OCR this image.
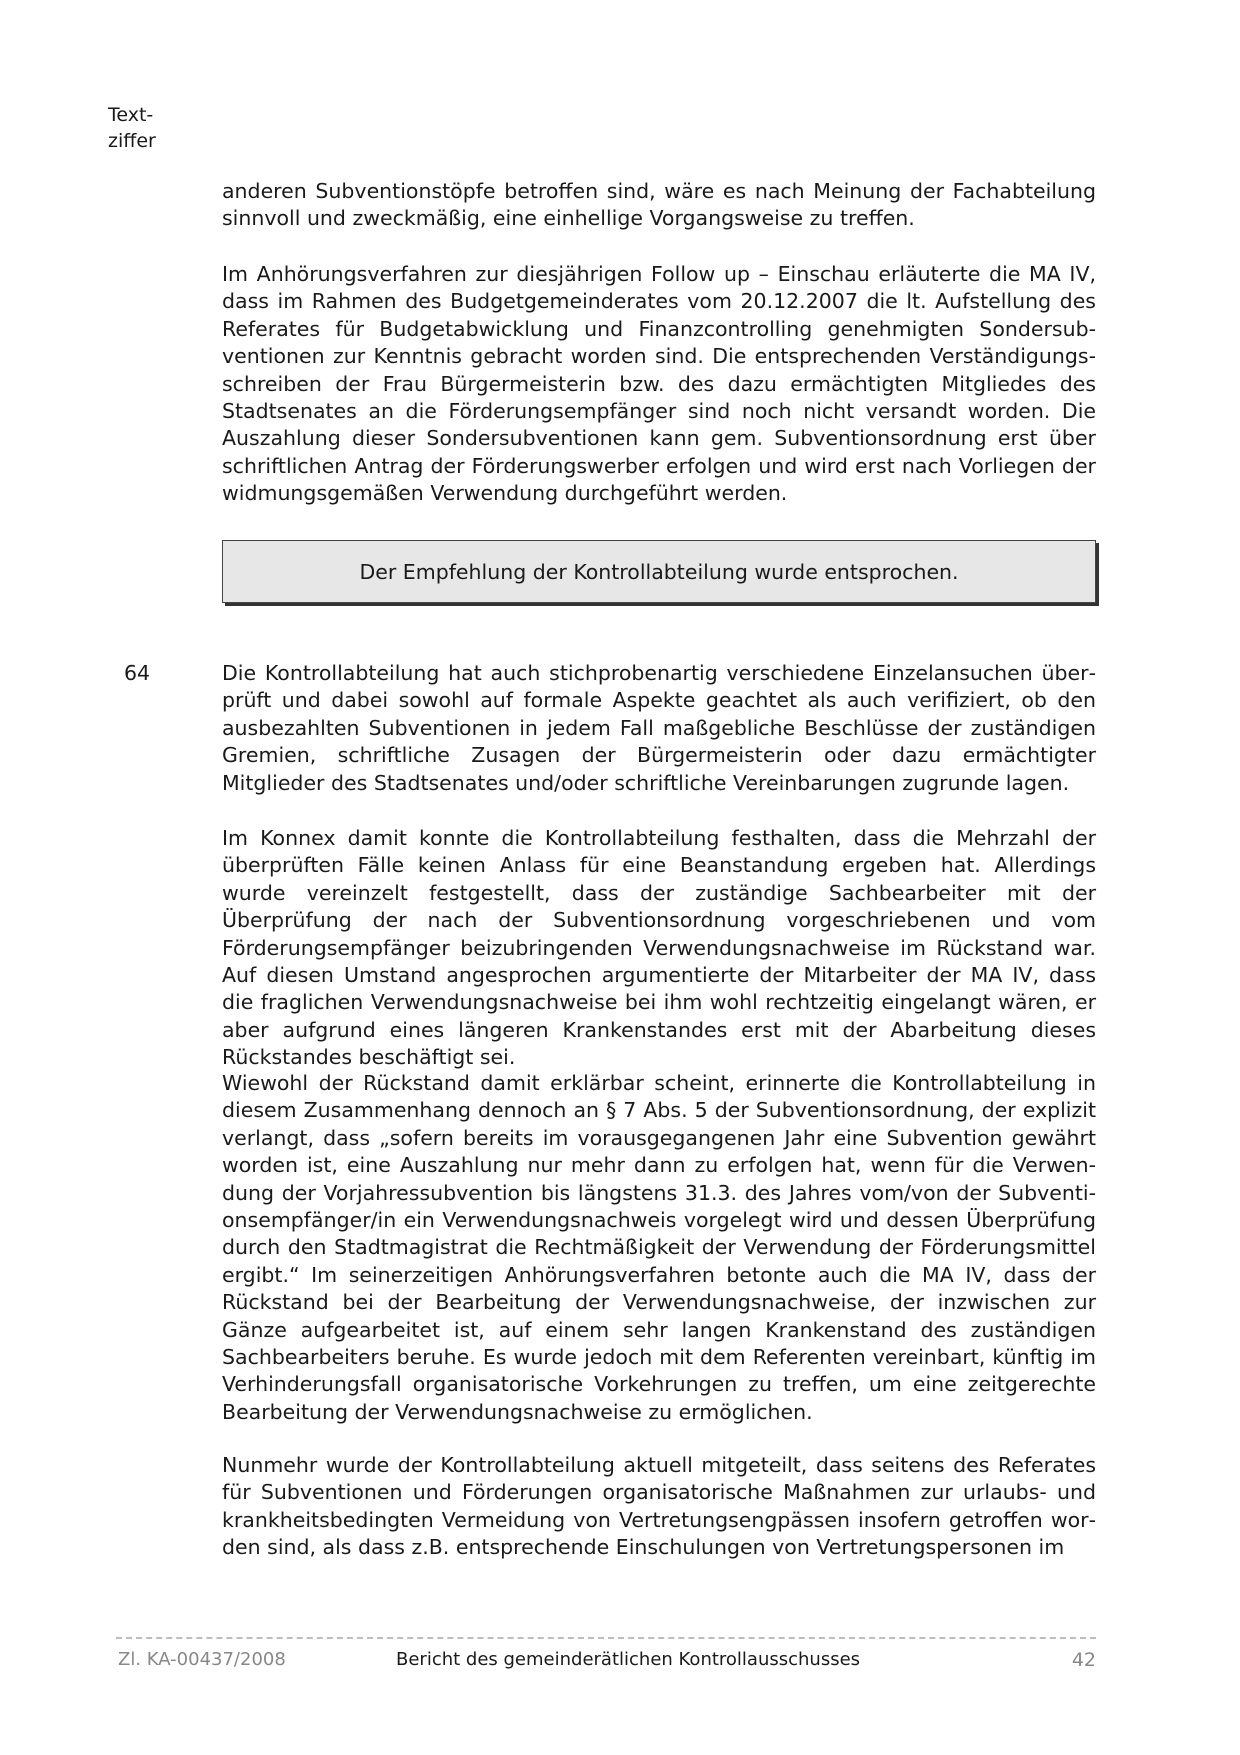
Text-
ziffer

anderen Subventionstöpfe betroffen sind, wäre es nach Meinung der Fachabteilung sinnvoll und zweckmäßig, eine einhellige Vorgangsweise zu treffen.

Im Anhörungsverfahren zur diesjährigen Follow up – Einschau erläuterte die MA IV, dass im Rahmen des Budgetgemeinderates vom 20.12.2007 die lt. Aufstellung des Referates für Budgetabwicklung und Finanzcontrolling genehmigten Sondersubventionen zur Kenntnis gebracht worden sind. Die entsprechenden Verständigungsschreiben der Frau Bürgermeisterin bzw. des dazu ermächtigten Mitgliedes des Stadtsenates an die Förderungsempfänger sind noch nicht versandt worden. Die Auszahlung dieser Sondersubventionen kann gem. Subventionsordnung erst über schriftlichen Antrag der Förderungswerber erfolgen und wird erst nach Vorliegen der widmungsgemäßen Verwendung durchgeführt werden.

Der Empfehlung der Kontrollabteilung wurde entsprochen.
64	Die Kontrollabteilung hat auch stichprobenartig verschiedene Einzelansuchen überprüft und dabei sowohl auf formale Aspekte geachtet als auch verifiziert, ob den ausbezahlten Subventionen in jedem Fall maßgebliche Beschlüsse der zuständigen Gremien, schriftliche Zusagen der Bürgermeisterin oder dazu ermächtigter Mitglieder des Stadtsenates und/oder schriftliche Vereinbarungen zugrunde lagen.

Im Konnex damit konnte die Kontrollabteilung festhalten, dass die Mehrzahl der überprüften Fälle keinen Anlass für eine Beanstandung ergeben hat. Allerdings wurde vereinzelt festgestellt, dass der zuständige Sachbearbeiter mit der Überprüfung der nach der Subventionsordnung vorgeschriebenen und vom Förderungsempfänger beizubringenden Verwendungsnachweise im Rückstand war. Auf diesen Umstand angesprochen argumentierte der Mitarbeiter der MA IV, dass die fraglichen Verwendungsnachweise bei ihm wohl rechtzeitig eingelangt wären, er aber aufgrund eines längeren Krankenstandes erst mit der Abarbeitung dieses Rückstandes beschäftigt sei.

Wiewohl der Rückstand damit erklärbar scheint, erinnerte die Kontrollabteilung in diesem Zusammenhang dennoch an § 7 Abs. 5 der Subventionsordnung, der explizit verlangt, dass „sofern bereits im vorausgegangenen Jahr eine Subvention gewährt worden ist, eine Auszahlung nur mehr dann zu erfolgen hat, wenn für die Verwendung der Vorjahressubvention bis längstens 31.3. des Jahres vom/von der Subventionsempfänger/in ein Verwendungsnachweis vorgelegt wird und dessen Überprüfung durch den Stadtmagistrat die Rechtmäßigkeit der Verwendung der Förderungsmittel ergibt.“ Im seinerzeitigen Anhörungsverfahren betonte auch die MA IV, dass der Rückstand bei der Bearbeitung der Verwendungsnachweise, der inzwischen zur Gänze aufgearbeitet ist, auf einem sehr langen Krankenstand des zuständigen Sachbearbeiters beruhe. Es wurde jedoch mit dem Referenten vereinbart, künftig im Verhinderungsfall organisatorische Vorkehrungen zu treffen, um eine zeitgerechte Bearbeitung der Verwendungsnachweise zu ermöglichen.

Nunmehr wurde der Kontrollabteilung aktuell mitgeteilt, dass seitens des Referates für Subventionen und Förderungen organisatorische Maßnahmen zur urlaubs- und krankheitsbedingten Vermeidung von Vertretungsengpässen insofern getroffen worden sind, als dass z.B. entsprechende Einschulungen von Vertretungspersonen im

Zl. KA-00437/2008	Bericht des gemeinderätlichen Kontrollausschusses	42
